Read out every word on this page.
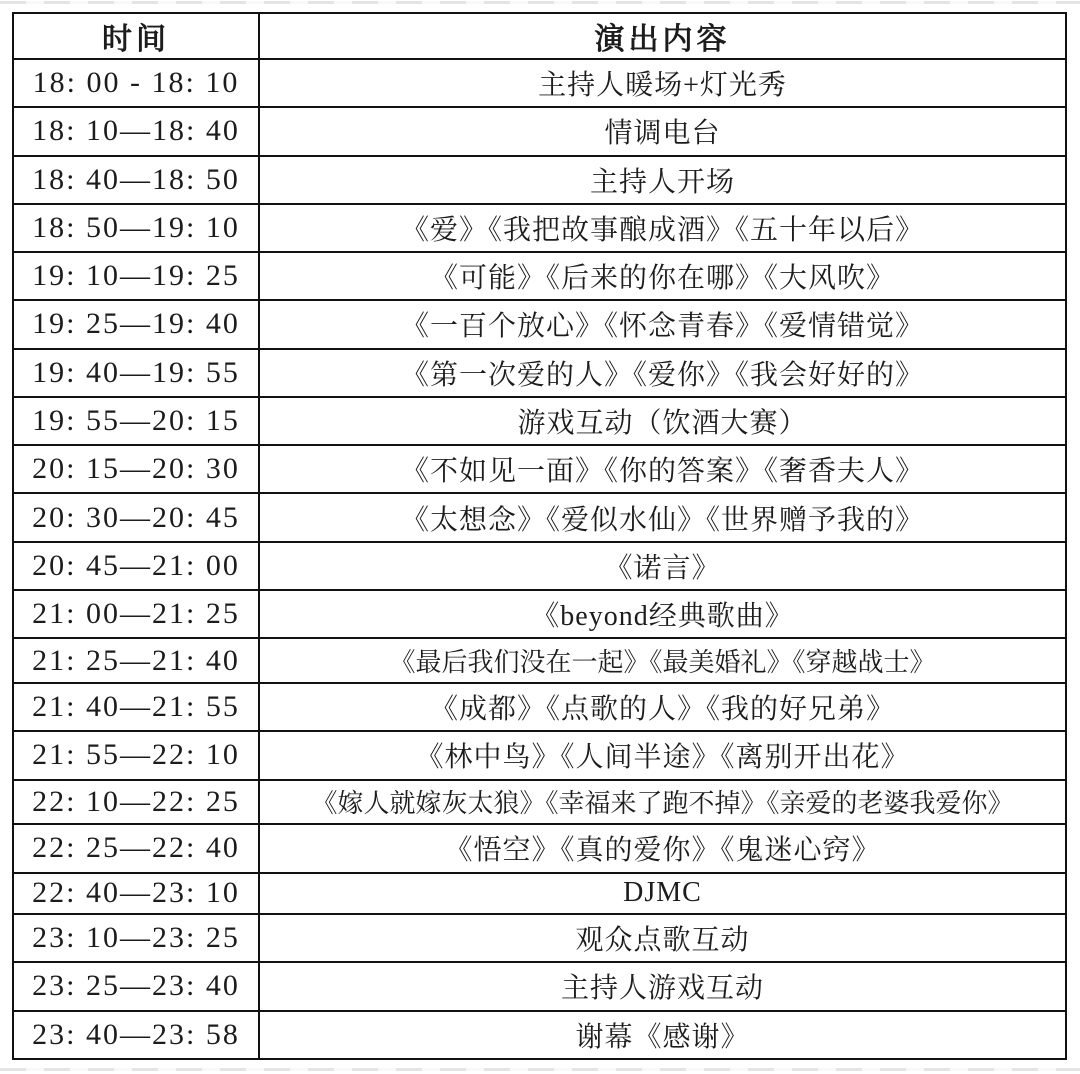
时间	演出内容
18: 00 - 18: 10	主持人暖场+灯光秀
18: 10—18: 40	情调电台
18: 40—18: 50	主持人开场
18: 50—19: 10	《爱》《我把故事酿成酒》《五十年以后》
19: 10—19: 25	《可能》《后来的你在哪》《大风吹》
19: 25—19: 40	《一百个放心》《怀念青春》《爱情错觉》
19: 40—19: 55	《第一次爱的人》《爱你》《我会好好的》
19: 55—20: 15	游戏互动（饮酒大赛）
20: 15—20: 30	《不如见一面》《你的答案》《奢香夫人》
20: 30—20: 45	《太想念》《爱似水仙》《世界赠予我的》
20: 45—21: 00	《诺言》
21: 00—21: 25	《beyond经典歌曲》
21: 25—21: 40	《最后我们没在一起》《最美婚礼》《穿越战士》
21: 40—21: 55	《成都》《点歌的人》《我的好兄弟》
21: 55—22: 10	《林中鸟》《人间半途》《离别开出花》
22: 10—22: 25	《嫁人就嫁灰太狼》《幸福来了跑不掉》《亲爱的老婆我爱你》
22: 25—22: 40	《悟空》《真的爱你》《鬼迷心窍》
22: 40—23: 10	DJMC
23: 10—23: 25	观众点歌互动
23: 25—23: 40	主持人游戏互动
23: 40—23: 58	谢幕《感谢》
